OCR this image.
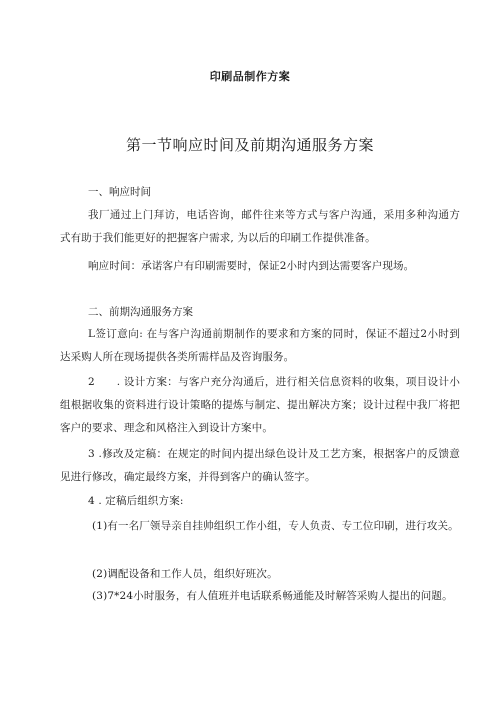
印刷品制作方案
第一节响应时间及前期沟通服务方案
一、响应时间
我厂通过上门拜访，电话咨询，邮件往来等方式与客户沟通，采用多种沟通方式有助于我们能更好的把握客户需求, 为以后的印刷工作提供准备。
响应时间：承诺客户有印刷需要时，保证2小时内到达需要客户现场。
二、前期沟通服务方案
L签订意向: 在与客户沟通前期制作的要求和方案的同时，保证不超过2小时到达采购人所在现场提供各类所需样品及咨询服务。
2　　. 设计方案：与客户充分沟通后，进行相关信息资料的收集，项目设计小组根据收集的资料进行设计策略的提炼与制定、提出解决方案；设计过程中我厂将把客户的要求、理念和风格注入到设计方案中。
3 .修改及定稿：在规定的时间内提出绿色设计及工艺方案，根据客户的反馈意见进行修改，确定最终方案，并得到客户的确认签字。
4 . 定稿后组织方案:
(1)有一名厂领导亲自挂帅组织工作小组，专人负责、专工位印刷，进行攻关。
(2)调配设备和工作人员，组织好班次。
(3)7*24小时服务，有人值班并电话联系畅通能及时解答采购人提出的问题。
